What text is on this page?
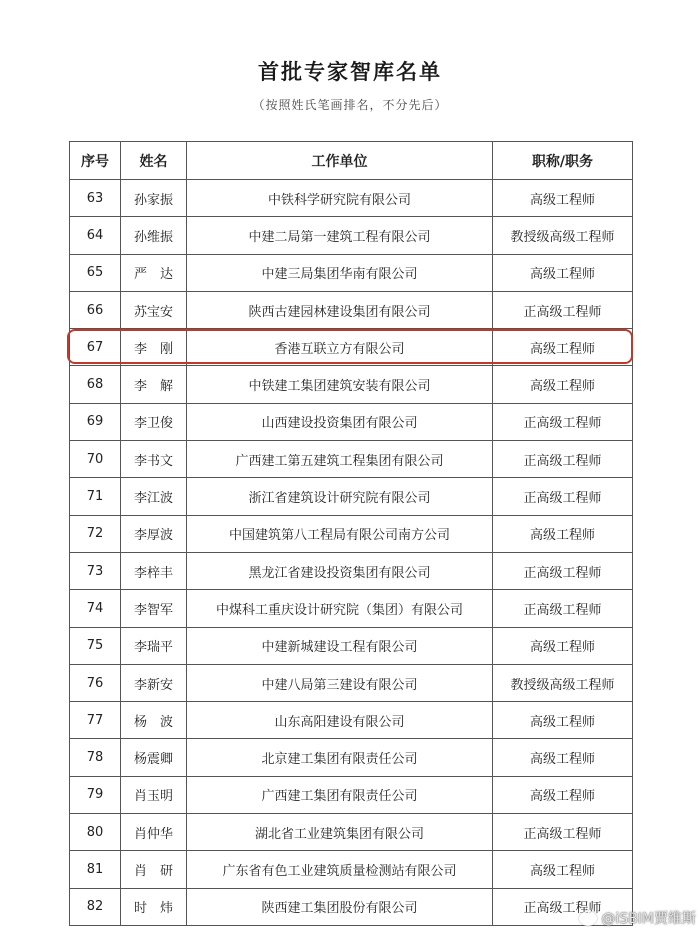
首批专家智库名单
（按照姓氏笔画排名，不分先后）
序号	姓名	工作单位	职称/职务
63	孙家振	中铁科学研究院有限公司	高级工程师
64	孙维振	中建二局第一建筑工程有限公司	教授级高级工程师
65	严　达	中建三局集团华南有限公司	高级工程师
66	苏宝安	陕西古建园林建设集团有限公司	正高级工程师
67	李　刚	香港互联立方有限公司	高级工程师
68	李　解	中铁建工集团建筑安装有限公司	高级工程师
69	李卫俊	山西建设投资集团有限公司	正高级工程师
70	李书文	广西建工第五建筑工程集团有限公司	正高级工程师
71	李江波	浙江省建筑设计研究院有限公司	正高级工程师
72	李厚波	中国建筑第八工程局有限公司南方公司	高级工程师
73	李梓丰	黑龙江省建设投资集团有限公司	正高级工程师
74	李智军	中煤科工重庆设计研究院（集团）有限公司	正高级工程师
75	李瑞平	中建新城建设工程有限公司	高级工程师
76	李新安	中建八局第三建设有限公司	教授级高级工程师
77	杨　波	山东高阳建设有限公司	高级工程师
78	杨震卿	北京建工集团有限责任公司	高级工程师
79	肖玉明	广西建工集团有限责任公司	高级工程师
80	肖仲华	湖北省工业建筑集团有限公司	正高级工程师
81	肖　研	广东省有色工业建筑质量检测站有限公司	高级工程师
82	时　炜	陕西建工集团股份有限公司	正高级工程师
@iSBIM贾维斯
